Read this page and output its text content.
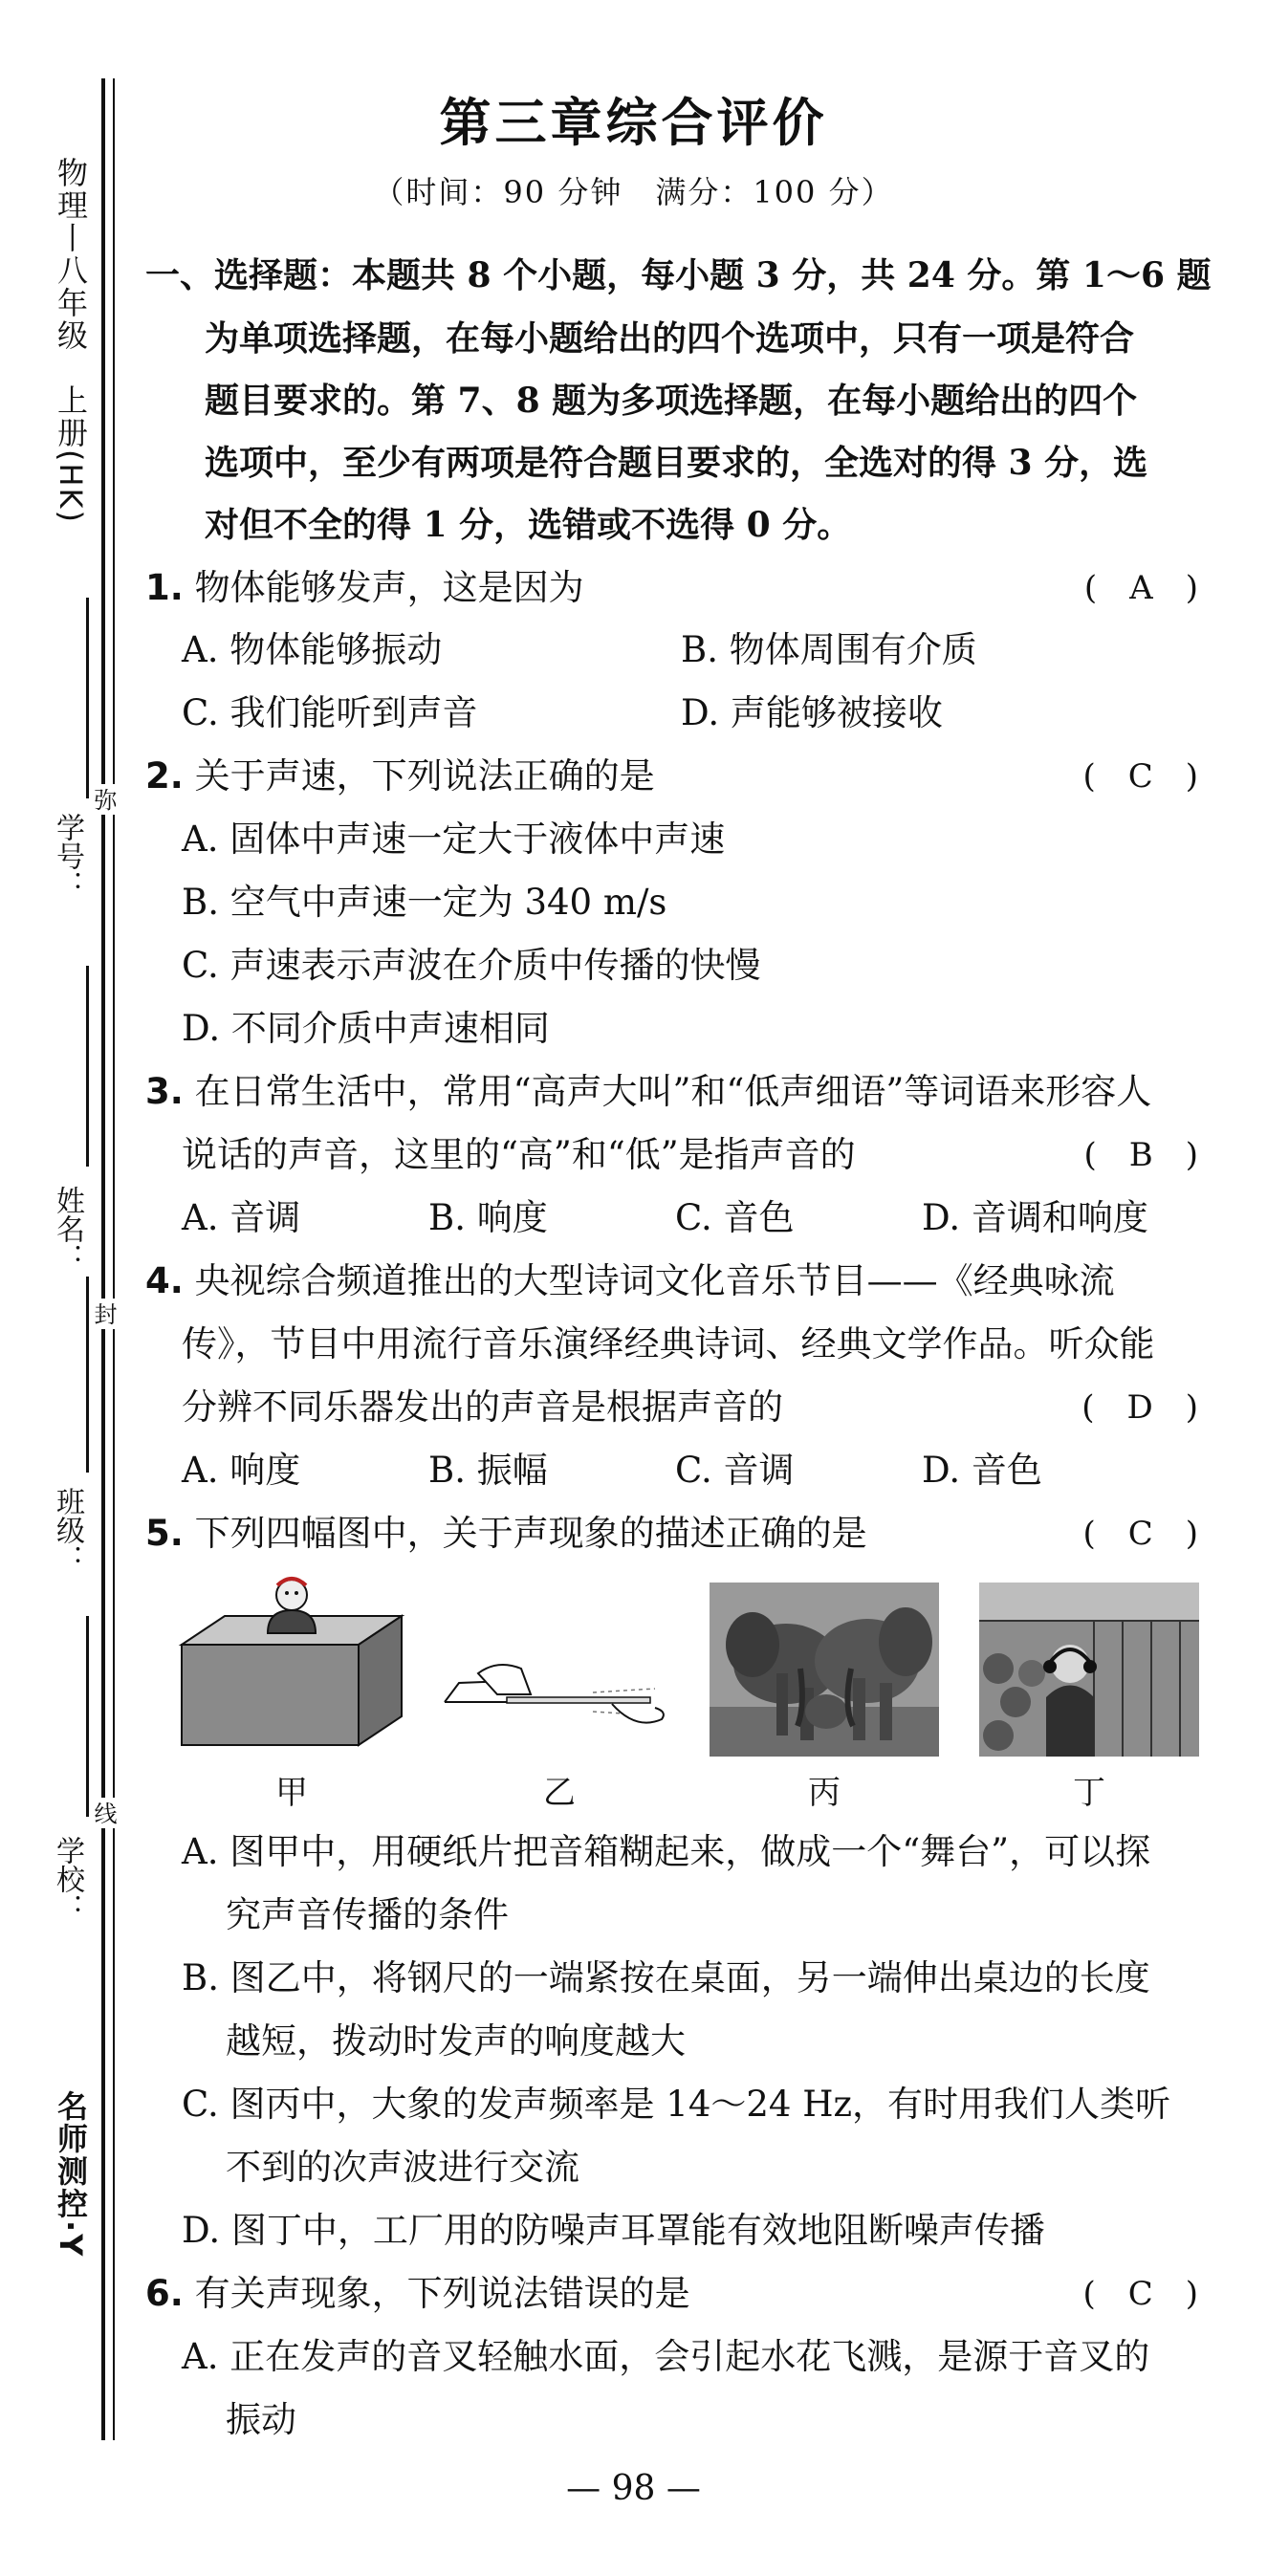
物理丨八年级　上册(HK)
学号：
姓名：
班级：
学校：
弥
封
线
名师测控·Y
第三章综合评价
（时间：90 分钟　满分：100 分）
一、选择题：本题共 8 个小题，每小题 3 分，共 24 分。第 1～6 题
为单项选择题，在每小题给出的四个选项中，只有一项是符合
题目要求的。第 7、8 题为多项选择题，在每小题给出的四个
选项中，至少有两项是符合题目要求的，全选对的得 3 分，选
对但不全的得 1 分，选错或不选得 0 分。
1. 物体能够发声，这是因为	(　A　)
A. 物体能够振动	B. 物体周围有介质
C. 我们能听到声音	D. 声能够被接收
2. 关于声速，下列说法正确的是	(　C　)
A. 固体中声速一定大于液体中声速
B. 空气中声速一定为 340 m/s
C. 声速表示声波在介质中传播的快慢
D. 不同介质中声速相同
3. 在日常生活中，常用“高声大叫”和“低声细语”等词语来形容人
说话的声音，这里的“高”和“低”是指声音的	(　B　)
A. 音调	B. 响度	C. 音色	D. 音调和响度
4. 央视综合频道推出的大型诗词文化音乐节目——《经典咏流
传》，节目中用流行音乐演绎经典诗词、经典文学作品。听众能
分辨不同乐器发出的声音是根据声音的	(　D　)
A. 响度	B. 振幅	C. 音调	D. 音色
5. 下列四幅图中，关于声现象的描述正确的是	(　C　)
甲	乙	丙	丁
A. 图甲中，用硬纸片把音箱糊起来，做成一个“舞台”，可以探
究声音传播的条件
B. 图乙中，将钢尺的一端紧按在桌面，另一端伸出桌边的长度
越短，拨动时发声的响度越大
C. 图丙中，大象的发声频率是 14～24 Hz，有时用我们人类听
不到的次声波进行交流
D. 图丁中，工厂用的防噪声耳罩能有效地阻断噪声传播
6. 有关声现象，下列说法错误的是	(　C　)
A. 正在发声的音叉轻触水面，会引起水花飞溅，是源于音叉的
振动
— 98 —
